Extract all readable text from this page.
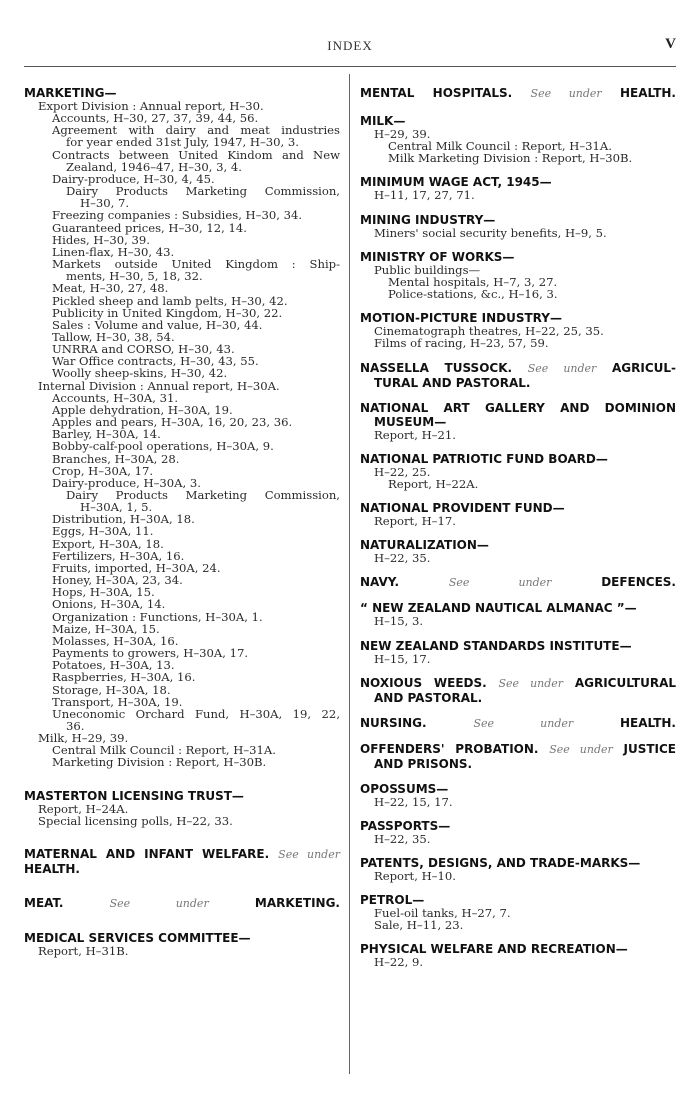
INDEX	V
MARKETING—
Export Division : Annual report, H–30.
Accounts, H–30, 27, 37, 39, 44, 56.
Agreement with dairy and meat industries
for year ended 31st July, 1947, H–30, 3.
Contracts between United Kindom and New
Zealand, 1946–47, H–30, 3, 4.
Dairy-produce, H–30, 4, 45.
Dairy Products Marketing Commission,
H–30, 7.
Freezing companies : Subsidies, H–30, 34.
Guaranteed prices, H–30, 12, 14.
Hides, H–30, 39.
Linen-flax, H–30, 43.
Markets outside United Kingdom : Ship-
ments, H–30, 5, 18, 32.
Meat, H–30, 27, 48.
Pickled sheep and lamb pelts, H–30, 42.
Publicity in United Kingdom, H–30, 22.
Sales : Volume and value, H–30, 44.
Tallow, H–30, 38, 54.
UNRRA and CORSO, H–30, 43.
War Office contracts, H–30, 43, 55.
Woolly sheep-skins, H–30, 42.
Internal Division : Annual report, H–30A.
Accounts, H–30A, 31.
Apple dehydration, H–30A, 19.
Apples and pears, H–30A, 16, 20, 23, 36.
Barley, H–30A, 14.
Bobby-calf-pool operations, H–30A, 9.
Branches, H–30A, 28.
Crop, H–30A, 17.
Dairy-produce, H–30A, 3.
Dairy Products Marketing Commission,
H–30A, 1, 5.
Distribution, H–30A, 18.
Eggs, H–30A, 11.
Export, H–30A, 18.
Fertilizers, H–30A, 16.
Fruits, imported, H–30A, 24.
Honey, H–30A, 23, 34.
Hops, H–30A, 15.
Onions, H–30A, 14.
Organization : Functions, H–30A, 1.
Maize, H–30A, 15.
Molasses, H–30A, 16.
Payments to growers, H–30A, 17.
Potatoes, H–30A, 13.
Raspberries, H–30A, 16.
Storage, H–30A, 18.
Transport, H–30A, 19.
Uneconomic Orchard Fund, H–30A, 19, 22,
36.
Milk, H–29, 39.
Central Milk Council : Report, H–31A.
Marketing Division : Report, H–30B.
MASTERTON LICENSING TRUST—
Report, H–24A.
Special licensing polls, H–22, 33.
MATERNAL AND INFANT WELFARE. See under HEALTH.
MEAT.	See under	MARKETING.
MEDICAL SERVICES COMMITTEE—
Report, H–31B.
MENTAL HOSPITALS. See under HEALTH.
MILK—
H–29, 39.
Central Milk Council : Report, H–31A.
Milk Marketing Division : Report, H–30B.
MINIMUM WAGE ACT, 1945—
H–11, 17, 27, 71.
MINING INDUSTRY—
Miners' social security benefits, H–9, 5.
MINISTRY OF WORKS—
Public buildings—
Mental hospitals, H–7, 3, 27.
Police-stations, &c., H–16, 3.
MOTION-PICTURE INDUSTRY—
Cinematograph theatres, H–22, 25, 35.
Films of racing, H–23, 57, 59.
NASSELLA TUSSOCK. See under AGRICUL-
TURAL AND PASTORAL.
NATIONAL ART GALLERY AND DOMINION
MUSEUM—
Report, H–21.
NATIONAL PATRIOTIC FUND BOARD—
H–22, 25.
Report, H–22A.
NATIONAL PROVIDENT FUND—
Report, H–17.
NATURALIZATION—
H–22, 35.
NAVY.	See under	DEFENCES.
“ NEW ZEALAND NAUTICAL ALMANAC ”—
H–15, 3.
NEW ZEALAND STANDARDS INSTITUTE—
H–15, 17.
NOXIOUS WEEDS. See under AGRICULTURAL
AND PASTORAL.
NURSING.	See under	HEALTH.
OFFENDERS' PROBATION. See under JUSTICE
AND PRISONS.
OPOSSUMS—
H–22, 15, 17.
PASSPORTS—
H–22, 35.
PATENTS, DESIGNS, AND TRADE-MARKS—
Report, H–10.
PETROL—
Fuel-oil tanks, H–27, 7.
Sale, H–11, 23.
PHYSICAL WELFARE AND RECREATION—
H–22, 9.
